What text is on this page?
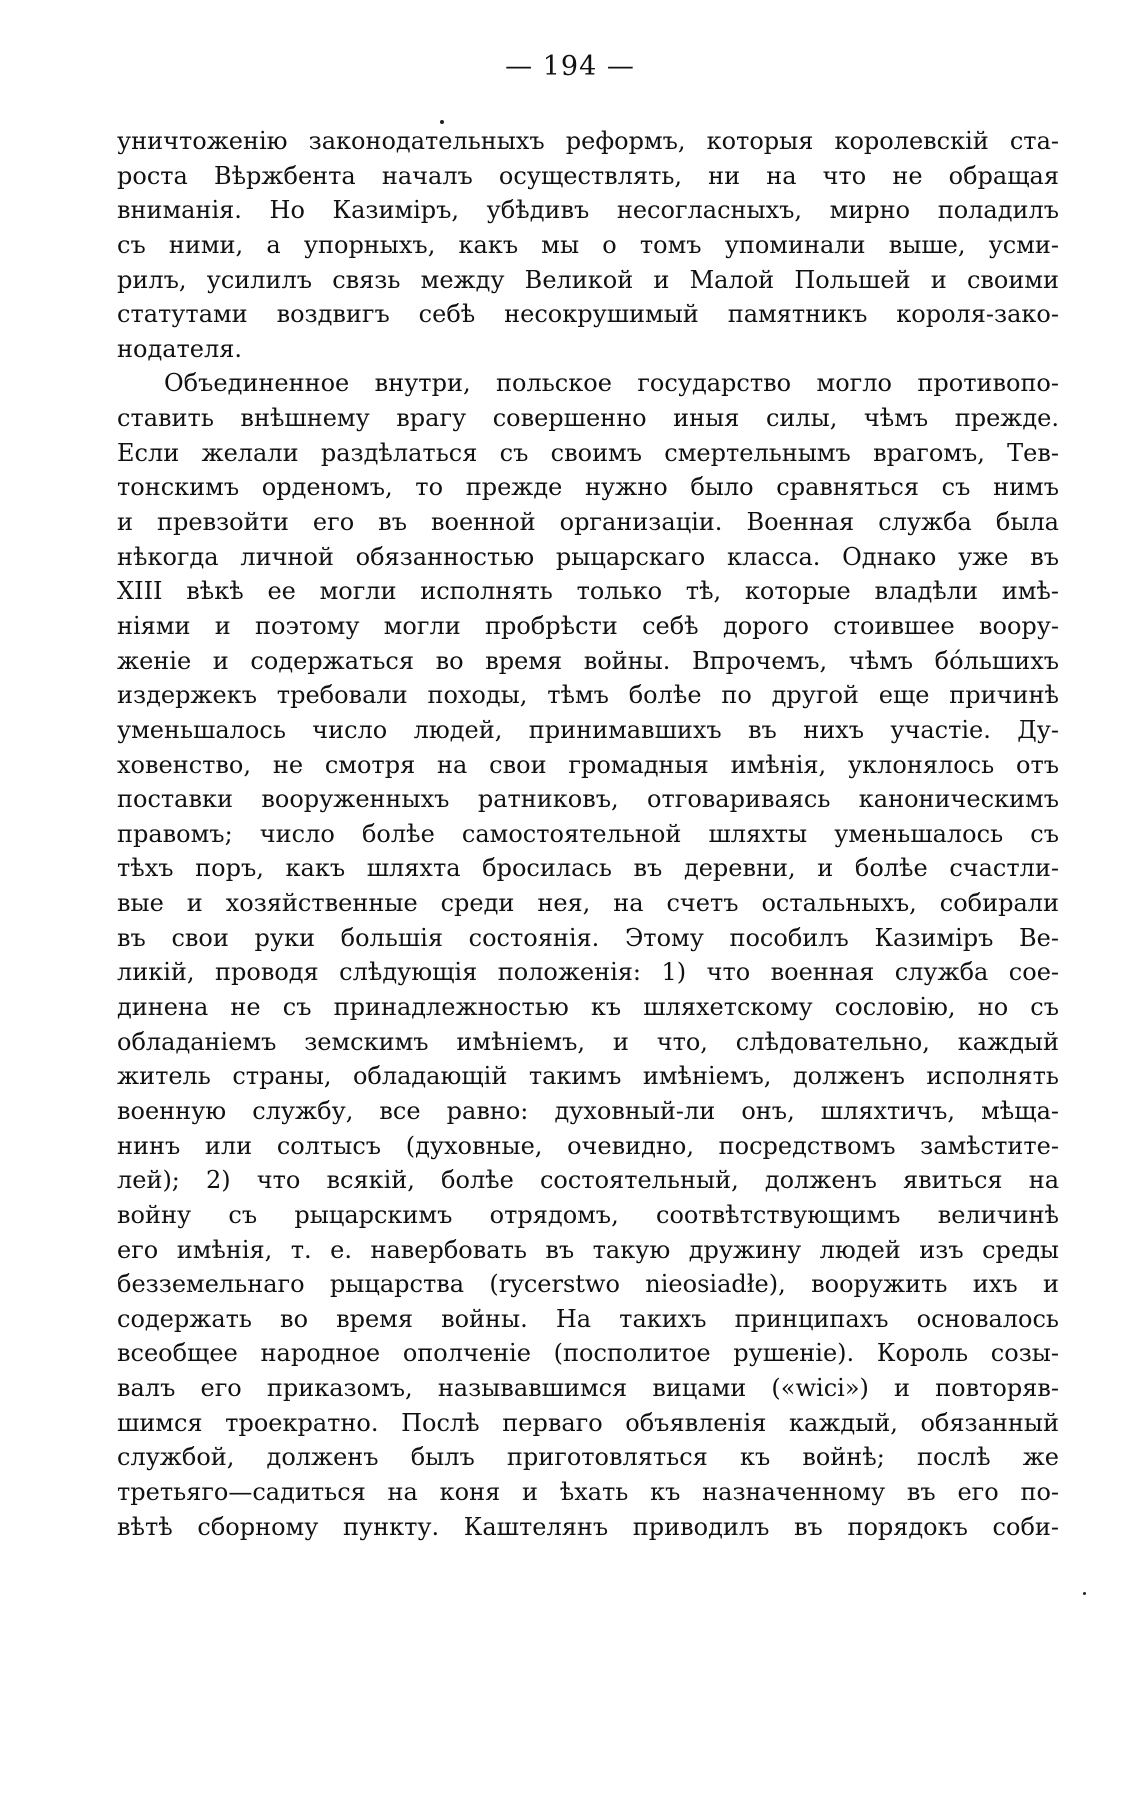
— 194 —
уничтоженію законодательныхъ реформъ, которыя королевскій ста-
роста Вѣржбента началъ осуществлять, ни на что не обращая
вниманія. Но Казиміръ, убѣдивъ несогласныхъ, мирно поладилъ
съ ними, а упорныхъ, какъ мы о томъ упоминали выше, усми-
рилъ, усилилъ связь между Великой и Малой Польшей и своими
статутами воздвигъ себѣ несокрушимый памятникъ короля-зако-
нодателя.
Объединенное внутри, польское государство могло противопо-
ставить внѣшнему врагу совершенно иныя силы, чѣмъ прежде.
Если желали раздѣлаться съ своимъ смертельнымъ врагомъ, Тев-
тонскимъ орденомъ, то прежде нужно было сравняться съ нимъ
и превзойти его въ военной организаціи. Военная служба была
нѣкогда личной обязанностью рыцарскаго класса. Однако уже въ
XIII вѣкѣ ее могли исполнять только тѣ, которые владѣли имѣ-
ніями и поэтому могли пробрѣсти себѣ дорого стоившее воору-
женіе и содержаться во время войны. Впрочемъ, чѣмъ бо́льшихъ
издержекъ требовали походы, тѣмъ болѣе по другой еще причинѣ
уменьшалось число людей, принимавшихъ въ нихъ участіе. Ду-
ховенство, не смотря на свои громадныя имѣнія, уклонялось отъ
поставки вооруженныхъ ратниковъ, отговариваясь каноническимъ
правомъ; число болѣе самостоятельной шляхты уменьшалось съ
тѣхъ поръ, какъ шляхта бросилась въ деревни, и болѣе счастли-
вые и хозяйственные среди нея, на счетъ остальныхъ, собирали
въ свои руки большія состоянія. Этому пособилъ Казиміръ Ве-
ликій, проводя слѣдующія положенія: 1) что военная служба сое-
динена не съ принадлежностью къ шляхетскому сословію, но съ
обладаніемъ земскимъ имѣніемъ, и что, слѣдовательно, каждый
житель страны, обладающій такимъ имѣніемъ, долженъ исполнять
военную службу, все равно: духовный-ли онъ, шляхтичъ, мѣща-
нинъ или солтысъ (духовные, очевидно, посредствомъ замѣстите-
лей); 2) что всякій, болѣе состоятельный, долженъ явиться на
войну съ рыцарскимъ отрядомъ, соотвѣтствующимъ величинѣ
его имѣнія, т. е. навербовать въ такую дружину людей изъ среды
безземельнаго рыцарства (rycerstwo nieosiadłe), вооружить ихъ и
содержать во время войны. На такихъ принципахъ основалось
всеобщее народное ополченіе (посполитое рушеніе). Король созы-
валъ его приказомъ, называвшимся вицами («wici») и повторяв-
шимся троекратно. Послѣ перваго объявленія каждый, обязанный
службой, долженъ былъ приготовляться къ войнѣ; послѣ же
третьяго—садиться на коня и ѣхать къ назначенному въ его по-
вѣтѣ сборному пункту. Каштелянъ приводилъ въ порядокъ соби-
